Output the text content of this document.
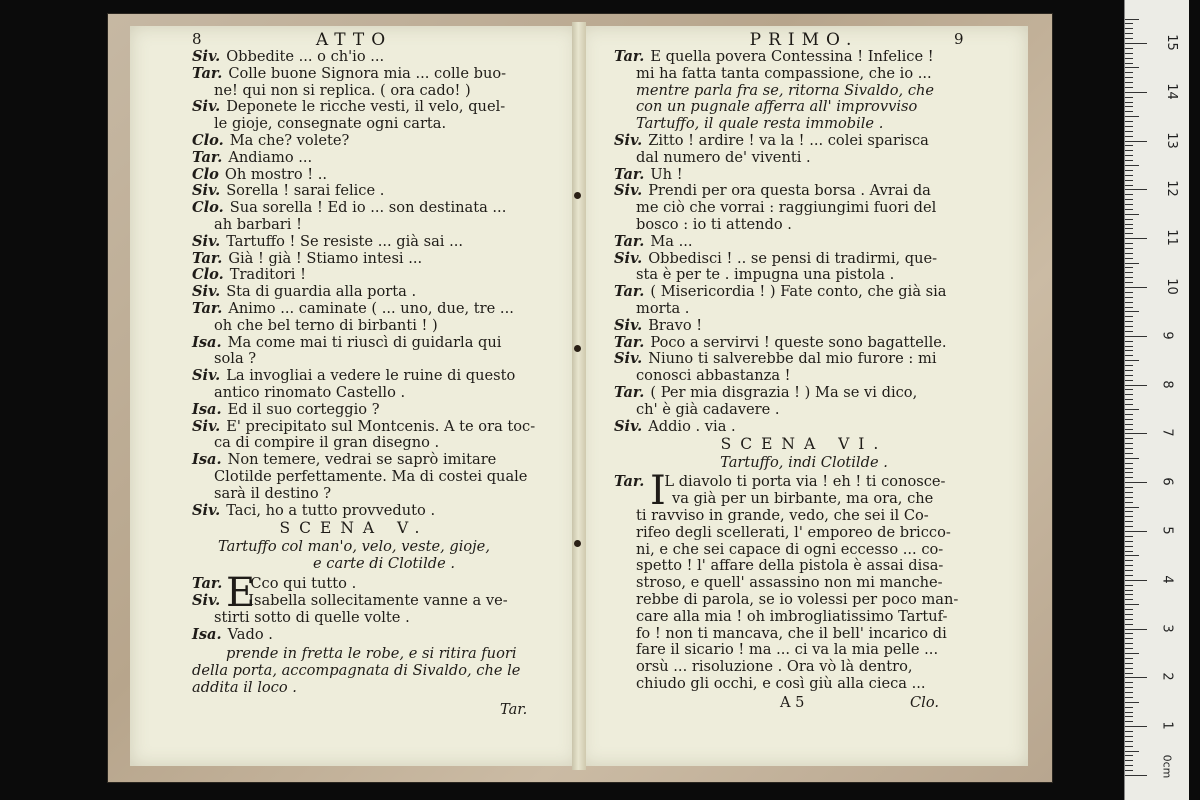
8	ATTO
Siv. Obbedite ... o ch'io ...
Tar. Colle buone Signora mia ... colle buo-
ne! qui non si replica. ( ora cado! )
Siv. Deponete le ricche vesti, il velo, quel-
le gioje, consegnate ogni carta.
Clo. Ma che? volete?
Tar. Andiamo ...
Clo Oh mostro ! ..
Siv. Sorella ! sarai felice .
Clo. Sua sorella ! Ed io ... son destinata ...
ah barbari !
Siv. Tartuffo ! Se resiste ... già sai ...
Tar. Già ! già ! Stiamo intesi ...
Clo. Traditori !
Siv. Sta di guardia alla porta .
Tar. Animo ... caminate ( ... uno, due, tre ...
oh che bel terno di birbanti ! )
Isa. Ma come mai ti riuscì di guidarla qui
sola ?
Siv. La invogliai a vedere le ruine di questo
antico rinomato Castello .
Isa. Ed il suo corteggio ?
Siv. E' precipitato sul Montcenis. A te ora toc-
ca di compire il gran disegno .
Isa. Non temere, vedrai se saprò imitare
Clotilde perfettamente. Ma di costei quale
sarà il destino ?
Siv. Taci, ho a tutto provveduto .
SCENA V.
Tartuffo col man'o, velo, veste, gioje,
e carte di Clotilde .
E
Tar. Cco qui tutto .
Siv. Isabella sollecitamente vanne a ve-
stirti sotto di quelle volte .
Isa. Vado .
prende in fretta le robe, e si ritira fuori
della porta, accompagnata di Sivaldo, che le
addita il loco .
Tar.
PRIMO.	9
Tar. E quella povera Contessina ! Infelice !
mi ha fatta tanta compassione, che io ...
mentre parla fra se, ritorna Sivaldo, che
con un pugnale afferra all' improvviso
Tartuffo, il quale resta immobile .
Siv. Zitto ! ardire ! va la ! ... colei sparisca
dal numero de' viventi .
Tar. Uh !
Siv. Prendi per ora questa borsa . Avrai da
me ciò che vorrai : raggiungimi fuori del
bosco : io ti attendo .
Tar. Ma ...
Siv. Obbedisci ! .. se pensi di tradirmi, que-
sta è per te . impugna una pistola .
Tar. ( Misericordia ! ) Fate conto, che già sia
morta .
Siv. Bravo !
Tar. Poco a servirvi ! queste sono bagattelle.
Siv. Niuno ti salverebbe dal mio furore : mi
conosci abbastanza !
Tar. ( Per mia disgrazia ! ) Ma se vi dico,
ch' è già cadavere .
Siv. Addio . via .
SCENA VI.
Tartuffo, indi Clotilde .
I
Tar. L diavolo ti porta via ! eh ! ti conosce-
va già per un birbante, ma ora, che
ti ravviso in grande, vedo, che sei il Co-
rifeo degli scellerati, l' emporeo de bricco-
ni, e che sei capace di ogni eccesso ... co-
spetto ! l' affare della pistola è assai disa-
stroso, e quell' assassino non mi manche-
rebbe di parola, se io volessi per poco man-
care alla mia ! oh imbrogliatissimo Tartuf-
fo ! non ti mancava, che il bell' incarico di
fare il sicario ! ma ... ci va la mia pelle ...
orsù ... risoluzione . Ora vò là dentro,
chiudo gli occhi, e così giù alla cieca ...
A 5	Clo.
0cm
1
2
3
4
5
6
7
8
9
10
11
12
13
14
15
